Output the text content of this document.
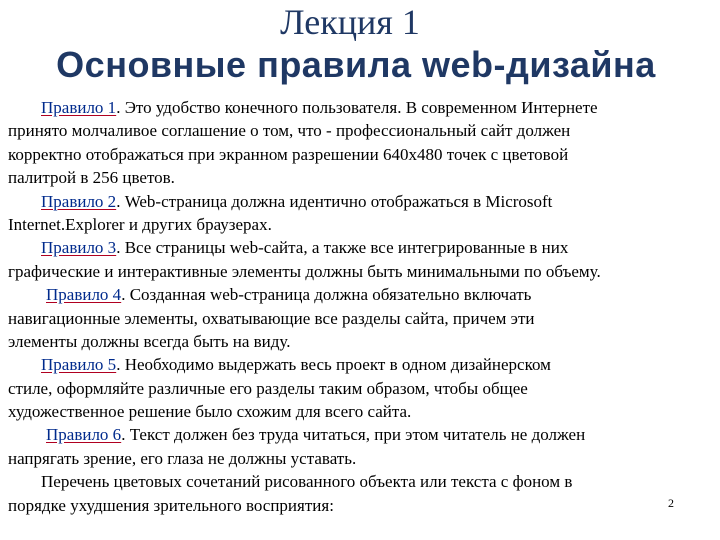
Лекция 1
Основные правила web-дизайна
Правило 1. Это удобство конечного пользователя. В современном Интернете
принято молчаливое соглашение о том, что - профессиональный сайт должен
корректно отображаться при экранном разрешении 640х480 точек с цветовой
палитрой в 256 цветов.
Правило 2. Web-страница должна идентично отображаться в Microsoft
Internet.Explorer и других браузерах.
Правило 3. Все страницы web-сайта, а также все интегрированные в них
графические и интерактивные элементы должны быть минимальными по объему.
Правило 4. Созданная web-страница должна обязательно включать
навигационные элементы, охватывающие все разделы сайта, причем эти
элементы должны всегда быть на виду.
Правило 5. Необходимо выдержать весь проект в одном дизайнерском
стиле, оформляйте различные его разделы таким образом, чтобы общее
художественное решение было схожим для всего сайта.
Правило 6. Текст должен без труда читаться, при этом читатель не должен
напрягать зрение, его глаза не должны уставать.
Перечень цветовых сочетаний рисованного объекта или текста с фоном в
порядке ухудшения зрительного восприятия:	2
